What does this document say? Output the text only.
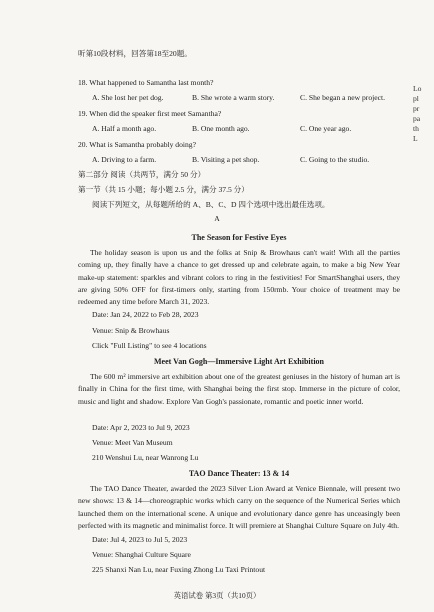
听第10段材料，回答第18至20题。
18. What happened to Samantha last month?
A. She lost her pet dog.	B. She wrote a warm story.	C. She began a new project.
19. When did the speaker first meet Samantha?
A. Half a month ago.	B. One month ago.	C. One year ago.
20. What is Samantha probably doing?
A. Driving to a farm.	B. Visiting a pet shop.	C. Going to the studio.
第二部分 阅读（共两节，满分 50 分）
第一节（共 15 小题；每小题 2.5 分，满分 37.5 分）
阅读下列短文，从每题所给的 A、B、C、D 四个选项中选出最佳选项。
A
The Season for Festive Eyes
The holiday season is upon us and the folks at Snip & Browhaus can't wait! With all the parties coming up, they finally have a chance to get dressed up and celebrate again, to make a big New Year make-up statement: sparkles and vibrant colors to ring in the festivities! For SmartShanghai users, they are giving 50% OFF for first-timers only, starting from 150rmb. Your choice of treatment may be redeemed any time before March 31, 2023.
Date: Jan 24, 2022 to Feb 28, 2023
Venue: Snip & Browhaus
Click "Full Listing" to see 4 locations
Meet Van Gogh—Immersive Light Art Exhibition
The 600 m² immersive art exhibition about one of the greatest geniuses in the history of human art is finally in China for the first time, with Shanghai being the first stop. Immerse in the picture of color, music and light and shadow. Explore Van Gogh's passionate, romantic and poetic inner world.
Date: Apr 2, 2023 to Jul 9, 2023
Venue: Meet Van Museum
210 Wenshui Lu, near Wanrong Lu
TAO Dance Theater: 13 & 14
The TAO Dance Theater, awarded the 2023 Silver Lion Award at Venice Biennale, will present two new shows: 13 & 14—choreographic works which carry on the sequence of the Numerical Series which launched them on the international scene. A unique and evolutionary dance genre has unceasingly been perfected with its magnetic and minimalist force. It will premiere at Shanghai Culture Square on July 4th.
Date: Jul 4, 2023 to Jul 5, 2023
Venue: Shanghai Culture Square
225 Shanxi Nan Lu, near Fuxing Zhong Lu Taxi Printout
Lo
pl
pr
pa
th
L
英语试卷 第3页（共10页）
